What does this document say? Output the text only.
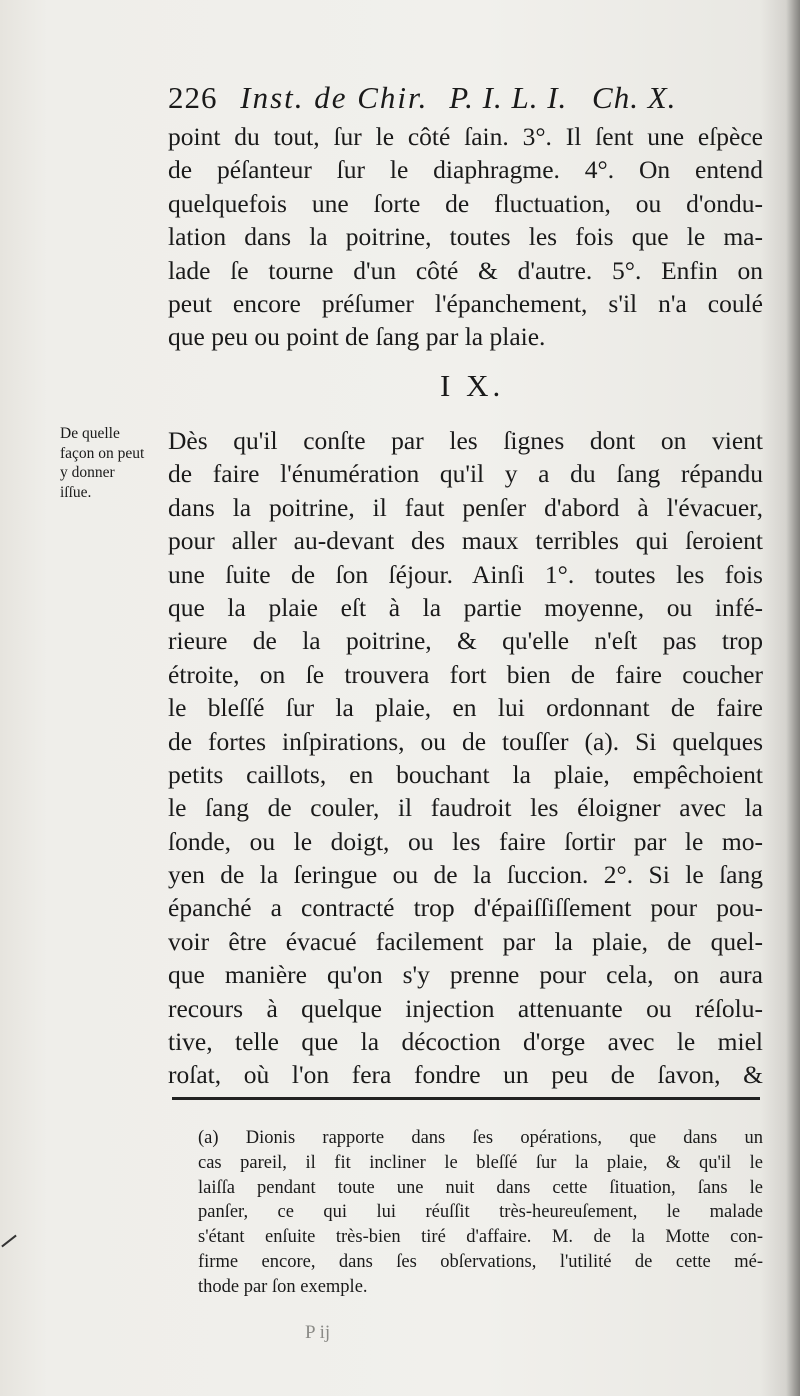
226 Inst. de Chir. P. I. L. I. Ch. X.
point du tout, ſur le côté ſain. 3°. Il ſent une eſpèce
de péſanteur ſur le diaphragme. 4°. On entend
quelquefois une ſorte de fluctuation, ou d'ondu-
lation dans la poitrine, toutes les fois que le ma-
lade ſe tourne d'un côté & d'autre. 5°. Enfin on
peut encore préſumer l'épanchement, s'il n'a coulé
que peu ou point de ſang par la plaie.
I X.
De quelle
façon on peut
y donner
iſſue.
Dès qu'il conſte par les ſignes dont on vient
de faire l'énumération qu'il y a du ſang répandu
dans la poitrine, il faut penſer d'abord à l'évacuer,
pour aller au-devant des maux terribles qui ſeroient
une ſuite de ſon ſéjour. Ainſi 1°. toutes les fois
que la plaie eſt à la partie moyenne, ou infé-
rieure de la poitrine, & qu'elle n'eſt pas trop
étroite, on ſe trouvera fort bien de faire coucher
le bleſſé ſur la plaie, en lui ordonnant de faire
de fortes inſpirations, ou de touſſer (a). Si quelques
petits caillots, en bouchant la plaie, empêchoient
le ſang de couler, il faudroit les éloigner avec la
ſonde, ou le doigt, ou les faire ſortir par le mo-
yen de la ſeringue ou de la ſuccion. 2°. Si le ſang
épanché a contracté trop d'épaiſſiſſement pour pou-
voir être évacué facilement par la plaie, de quel-
que manière qu'on s'y prenne pour cela, on aura
recours à quelque injection attenuante ou réſolu-
tive, telle que la décoction d'orge avec le miel
roſat, où l'on fera fondre un peu de ſavon, &
(a) Dionis rapporte dans ſes opérations, que dans un
cas pareil, il fit incliner le bleſſé ſur la plaie, & qu'il le
laiſſa pendant toute une nuit dans cette ſituation, ſans le
panſer, ce qui lui réuſſit très-heureuſement, le malade
s'étant enſuite très-bien tiré d'affaire. M. de la Motte con-
firme encore, dans ſes obſervations, l'utilité de cette mé-
thode par ſon exemple.
P ij
